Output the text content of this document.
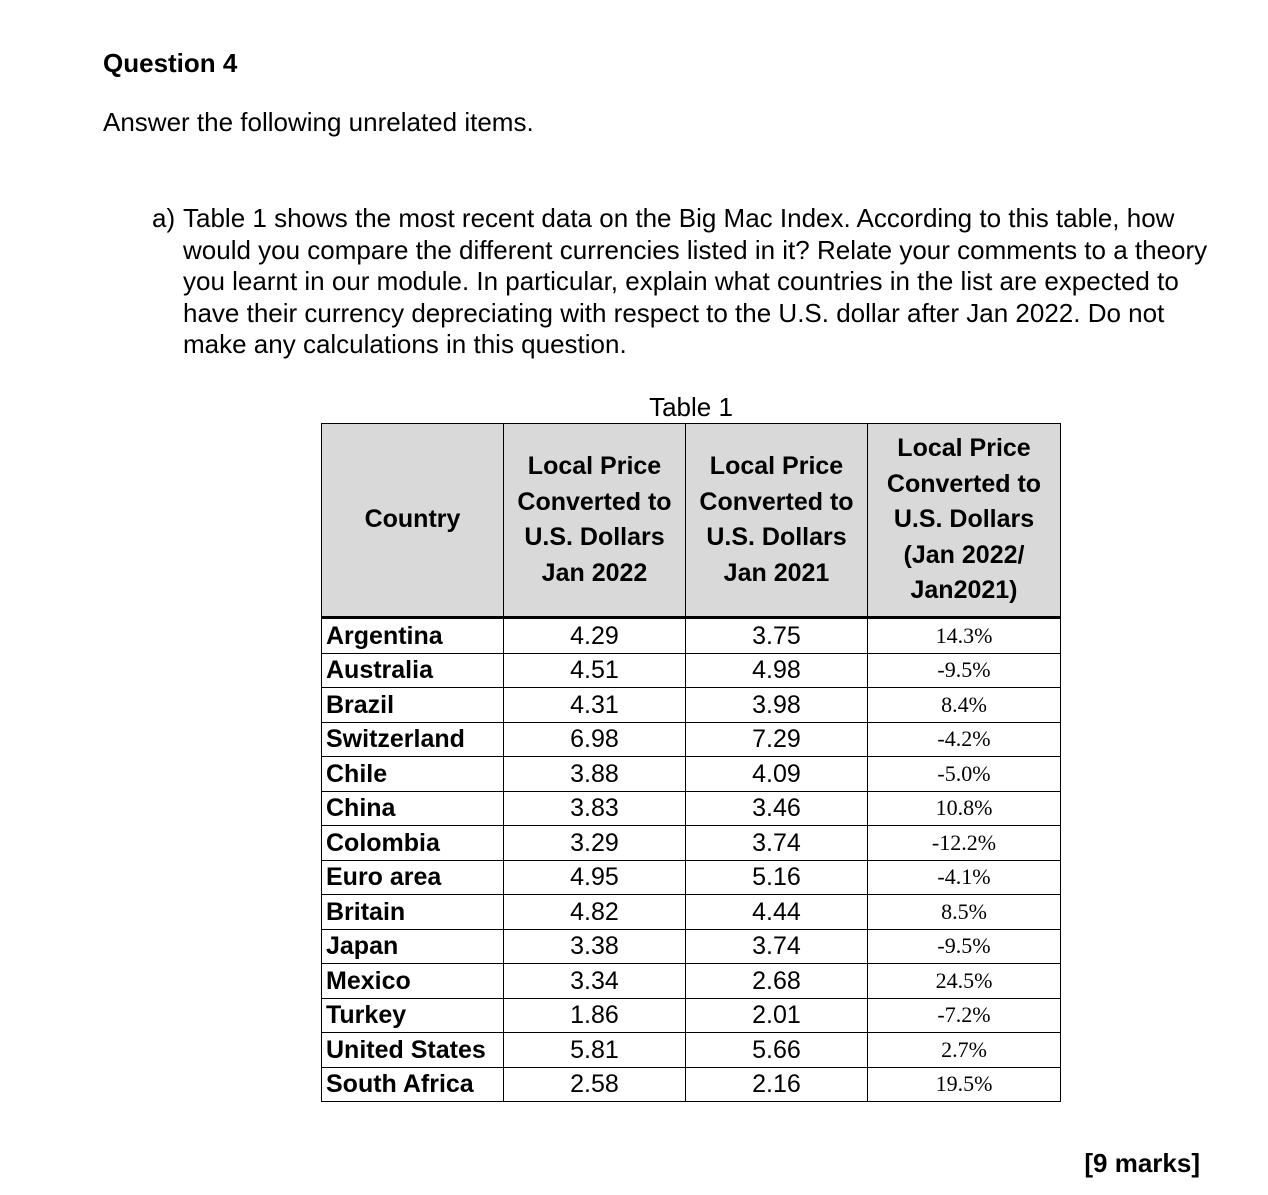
Question 4

Answer the following unrelated items.

a) Table 1 shows the most recent data on the Big Mac Index. According to this table, how would you compare the different currencies listed in it? Relate your comments to a theory you learnt in our module. In particular, explain what countries in the list are expected to have their currency depreciating with respect to the U.S. dollar after Jan 2022. Do not make any calculations in this question.
Table 1
Country	Local Price Converted to U.S. Dollars Jan 2022	Local Price Converted to U.S. Dollars Jan 2021	Local Price Converted to U.S. Dollars (Jan 2022/ Jan2021)

Argentina	4.29	3.75	14.3%
Australia	4.51	4.98	-9.5%
Brazil	4.31	3.98	8.4%
Switzerland	6.98	7.29	-4.2%
Chile	3.88	4.09	-5.0%
China	3.83	3.46	10.8%
Colombia	3.29	3.74	-12.2%
Euro area	4.95	5.16	-4.1%
Britain	4.82	4.44	8.5%
Japan	3.38	3.74	-9.5%
Mexico	3.34	2.68	24.5%
Turkey	1.86	2.01	-7.2%
United States	5.81	5.66	2.7%
South Africa	2.58	2.16	19.5%
[9 marks]
